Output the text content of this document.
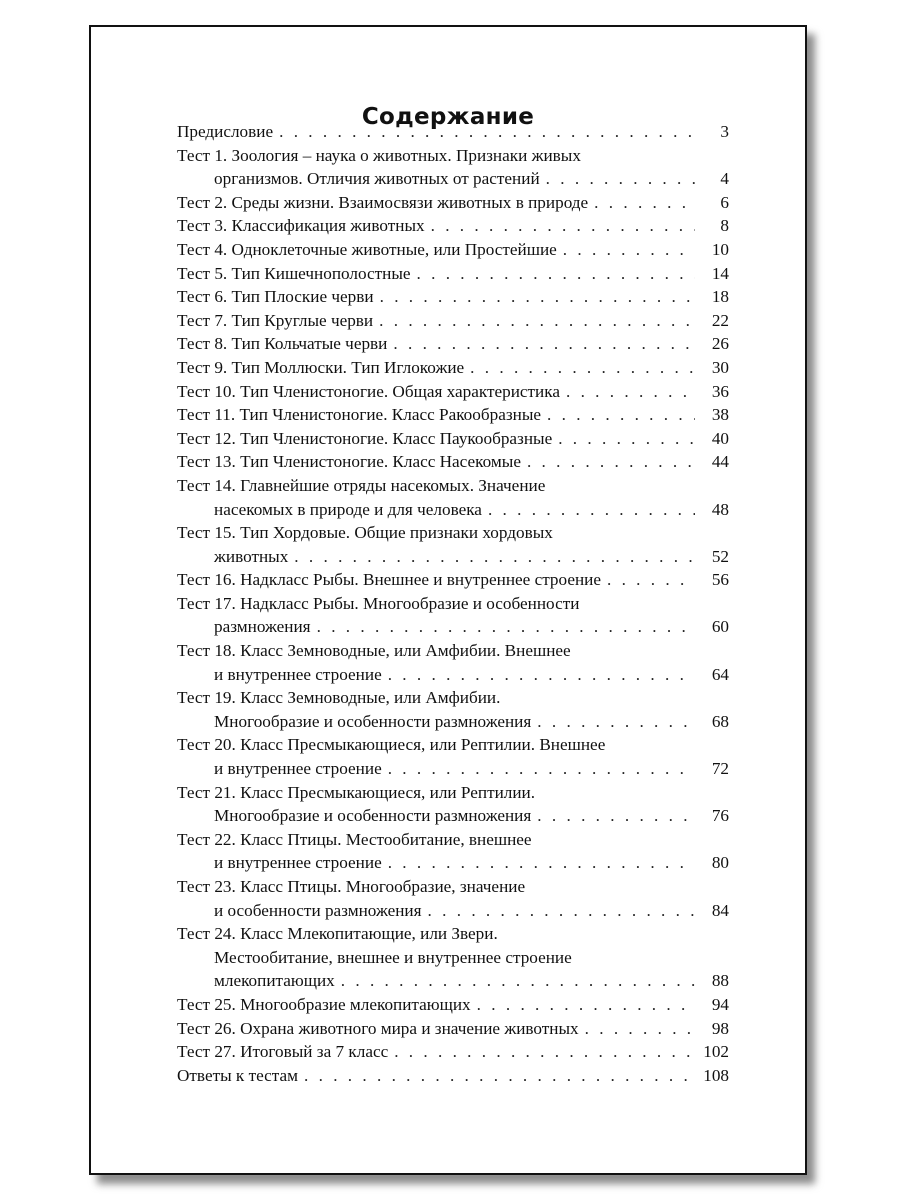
Содержание
Предисловие . . .	3
Тест 1. Зоология – наука о животных. Признаки живых
организмов. Отличия животных от растений . . .	4
Тест 2. Среды жизни. Взаимосвязи животных в природе . . .	6
Тест 3. Классификация животных . . .	8
Тест 4. Одноклеточные животные, или Простейшие . . .	10
Тест 5. Тип Кишечнополостные . . .	14
Тест 6. Тип Плоские черви . . .	18
Тест 7. Тип Круглые черви . . .	22
Тест 8. Тип Кольчатые черви . . .	26
Тест 9. Тип Моллюски. Тип Иглокожие . . .	30
Тест 10. Тип Членистоногие. Общая характеристика . . .	36
Тест 11. Тип Членистоногие. Класс Ракообразные . . .	38
Тест 12. Тип Членистоногие. Класс Паукообразные . . .	40
Тест 13. Тип Членистоногие. Класс Насекомые . . .	44
Тест 14. Главнейшие отряды насекомых. Значение
насекомых в природе и для человека . . .	48
Тест 15. Тип Хордовые. Общие признаки хордовых
животных . . .	52
Тест 16. Надкласс Рыбы. Внешнее и внутреннее строение . . .	56
Тест 17. Надкласс Рыбы. Многообразие и особенности
размножения . . .	60
Тест 18. Класс Земноводные, или Амфибии. Внешнее
и внутреннее строение . . .	64
Тест 19. Класс Земноводные, или Амфибии.
Многообразие и особенности размножения . . .	68
Тест 20. Класс Пресмыкающиеся, или Рептилии. Внешнее
и внутреннее строение . . .	72
Тест 21. Класс Пресмыкающиеся, или Рептилии.
Многообразие и особенности размножения . . .	76
Тест 22. Класс Птицы. Местообитание, внешнее
и внутреннее строение . . .	80
Тест 23. Класс Птицы. Многообразие, значение
и особенности размножения . . .	84
Тест 24. Класс Млекопитающие, или Звери.
Местообитание, внешнее и внутреннее строение
млекопитающих . . .	88
Тест 25. Многообразие млекопитающих . . .	94
Тест 26. Охрана животного мира и значение животных . . .	98
Тест 27. Итоговый за 7 класс . . .	102
Ответы к тестам . . .	108
